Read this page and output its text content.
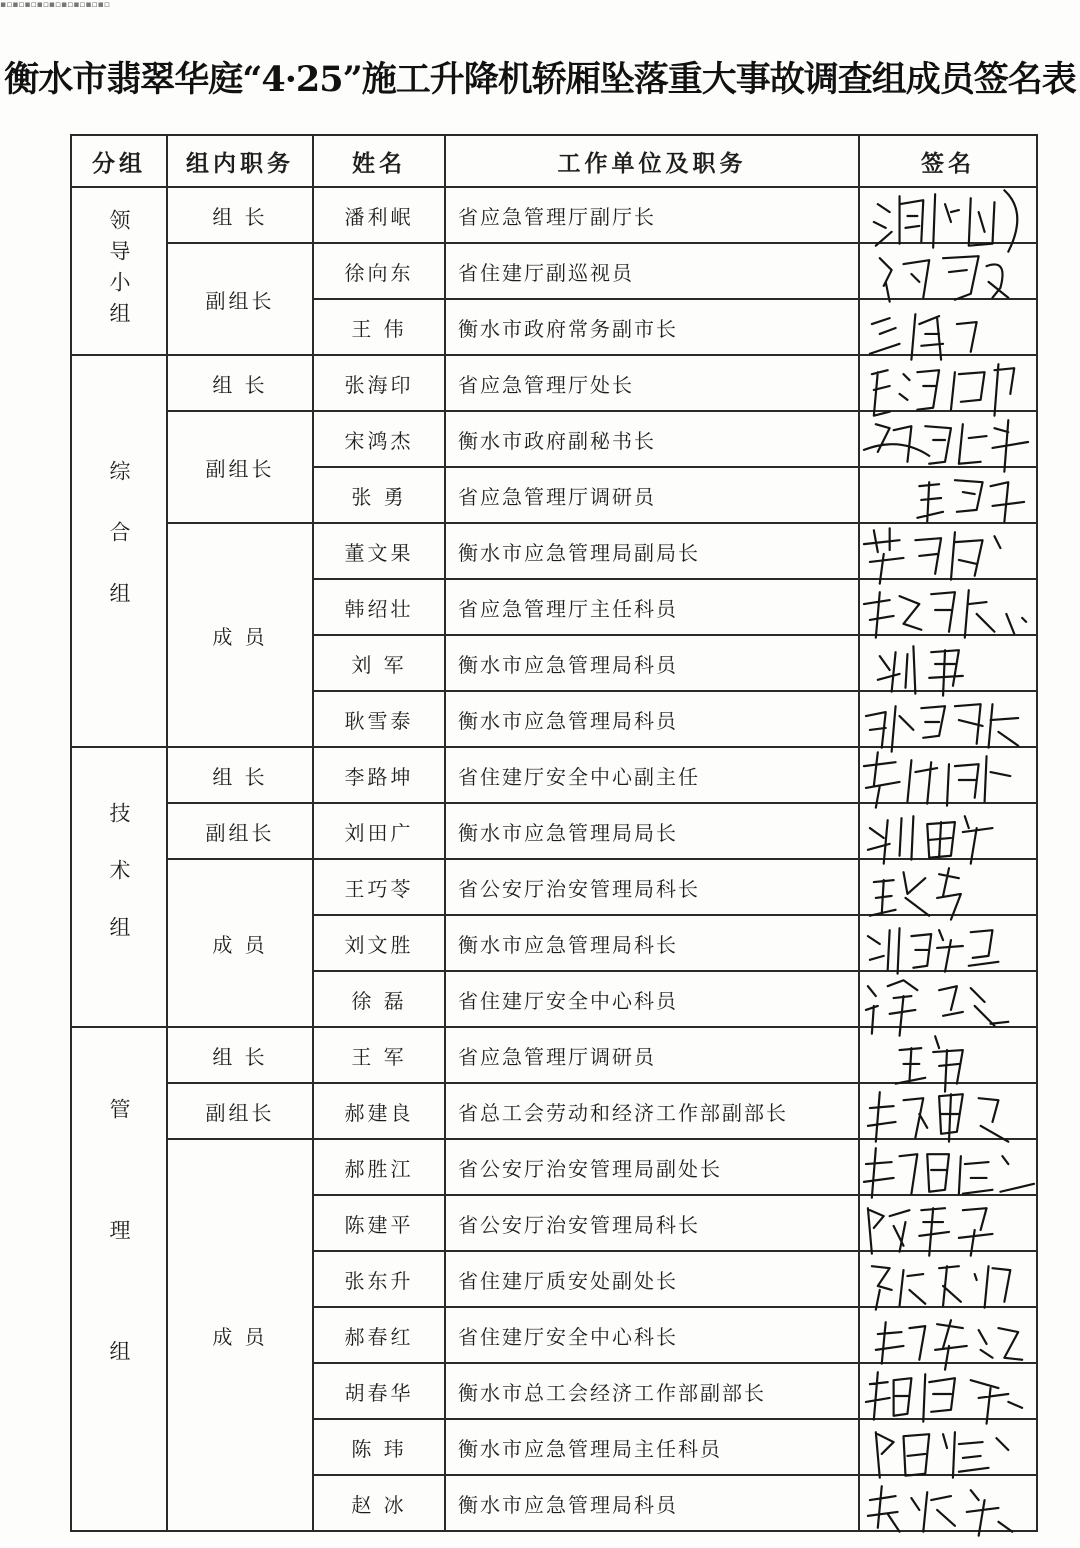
▪▫▪▫▪▫▪▫▪▫▪▫▪▫▪▫▪▫
衡水市翡翠华庭“4·25”施工升降机轿厢坠落重大事故调查组成员签名表
分组	组内职务	姓名	工作单位及职务	签名

领导小组	组 长	潘利岷	省应急管理厅副厅长	

	副组长	徐向东	省住建厅副巡视员	

		王 伟	衡水市政府常务副市长	

综合组	组 长	张海印	省应急管理厅处长	

	副组长	宋鸿杰	衡水市政府副秘书长	

		张 勇	省应急管理厅调研员	

	成 员	董文果	衡水市应急管理局副局长	

		韩绍壮	省应急管理厅主任科员	

		刘 军	衡水市应急管理局科员	

		耿雪泰	衡水市应急管理局科员	

技术组	组 长	李路坤	省住建厅安全中心副主任	

	副组长	刘田广	衡水市应急管理局局长	

	成 员	王巧苓	省公安厅治安管理局科长	

		刘文胜	衡水市应急管理局科长	

		徐 磊	省住建厅安全中心科员	

管理组	组 长	王 军	省应急管理厅调研员	

	副组长	郝建良	省总工会劳动和经济工作部副部长	

	成 员	郝胜江	省公安厅治安管理局副处长	

		陈建平	省公安厅治安管理局科长	

		张东升	省住建厅质安处副处长	

		郝春红	省住建厅安全中心科长	

		胡春华	衡水市总工会经济工作部副部长	

		陈 玮	衡水市应急管理局主任科员	

		赵 冰	衡水市应急管理局科员	
